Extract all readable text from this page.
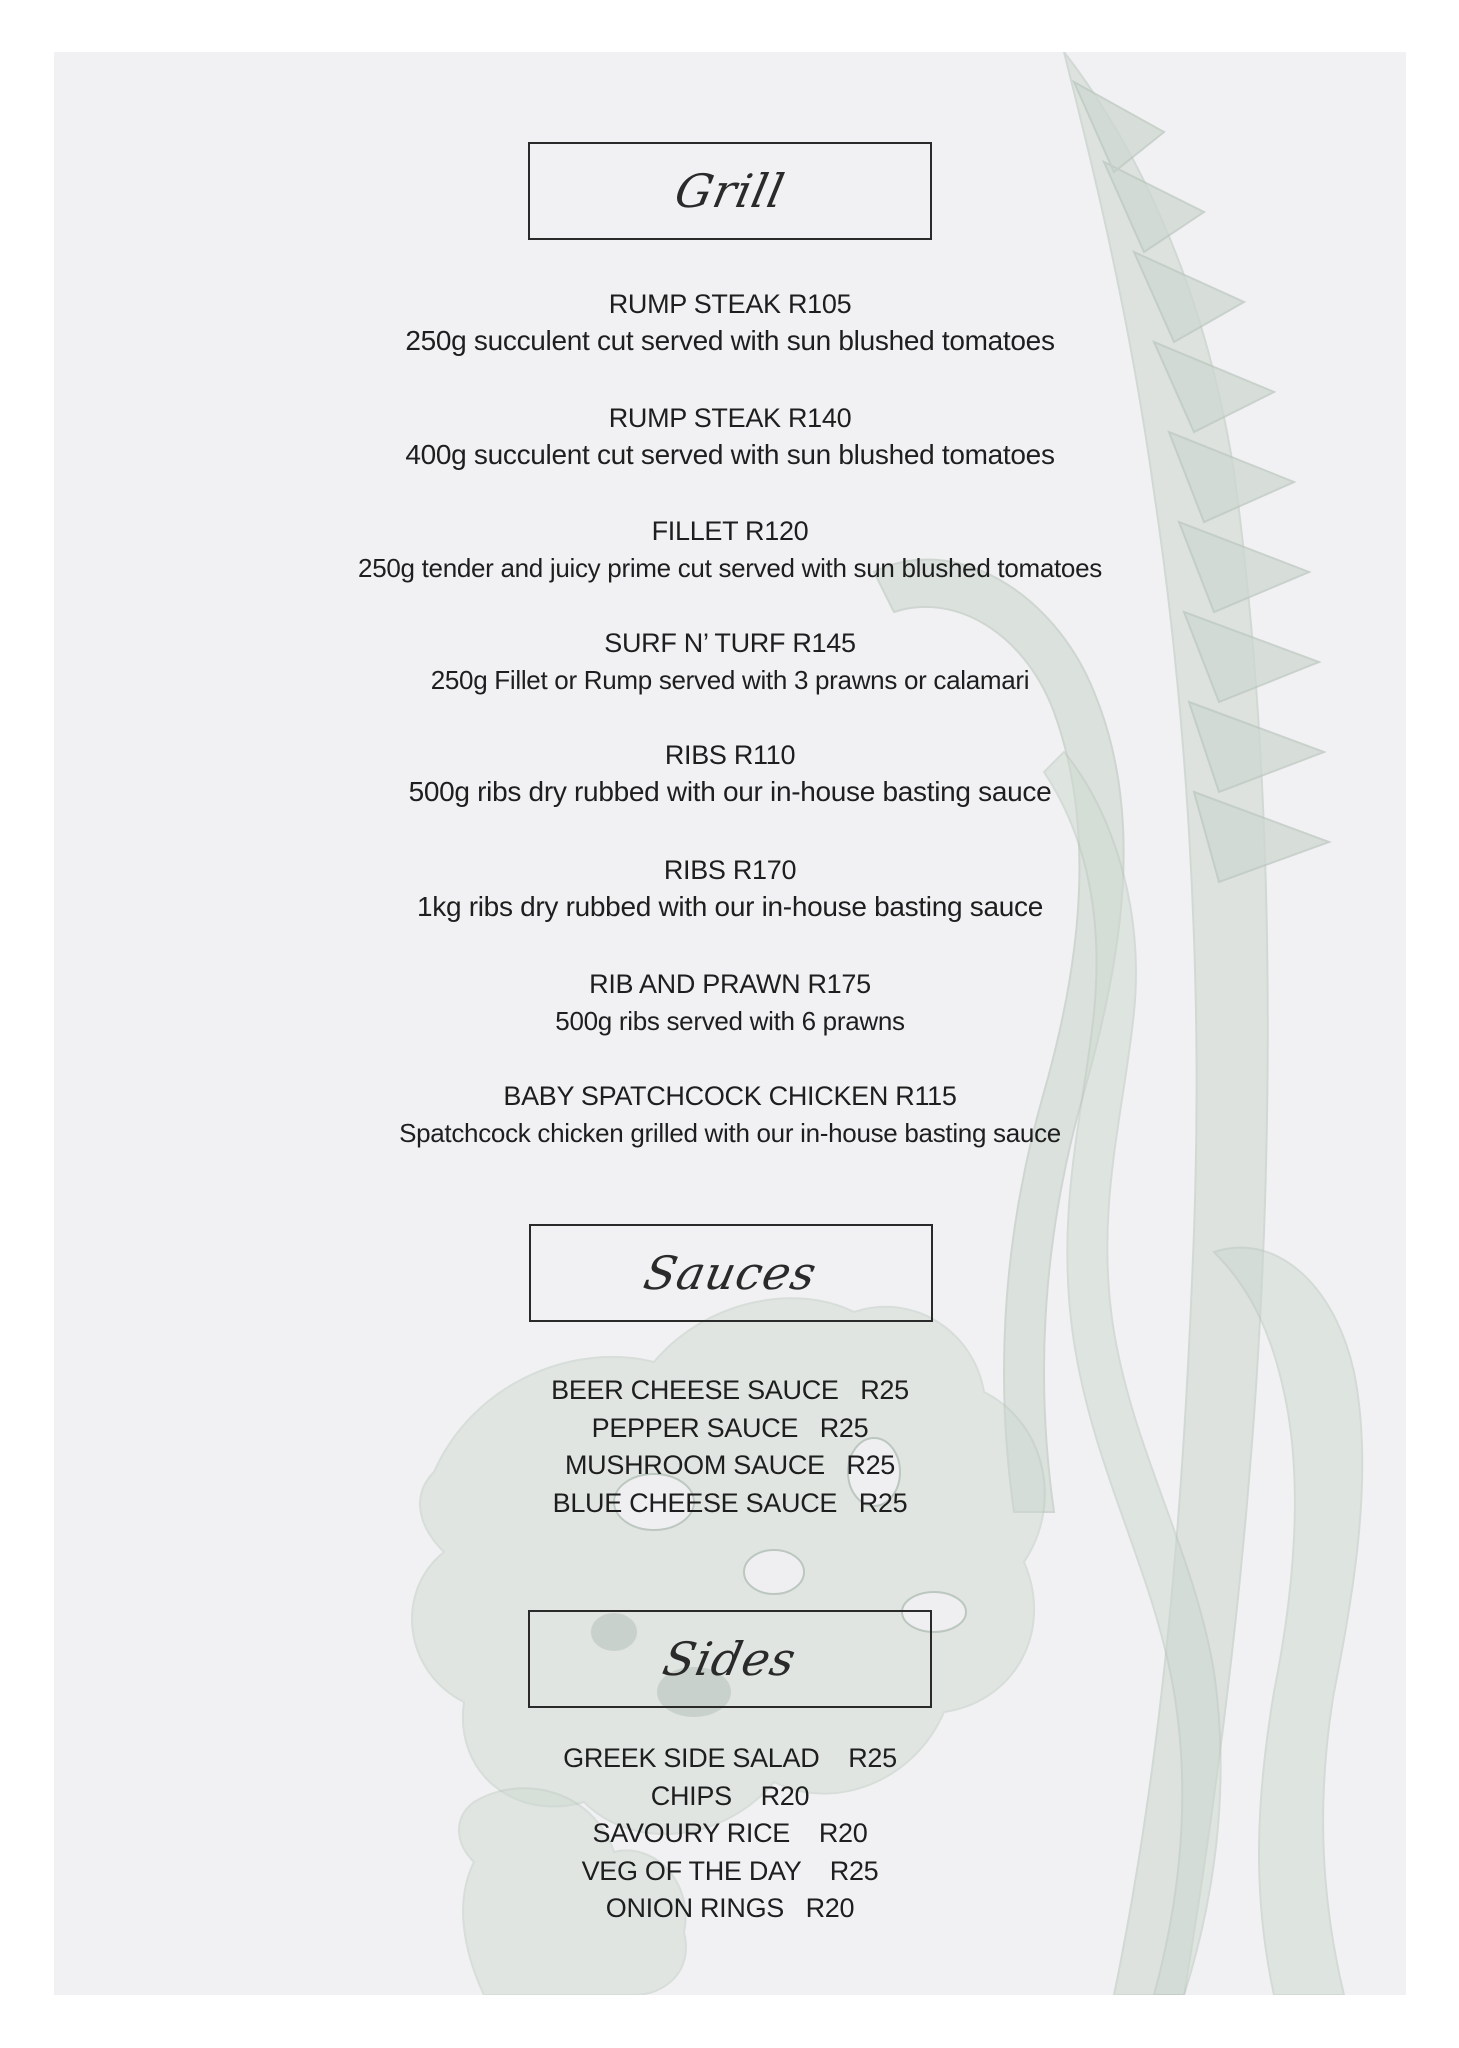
Grill
RUMP STEAK R105
250g succulent cut served with sun blushed tomatoes
RUMP STEAK R140
400g succulent cut served with sun blushed tomatoes
FILLET R120
250g tender and juicy prime cut served with sun blushed tomatoes
SURF N’ TURF R145
250g Fillet or Rump served with 3 prawns or calamari
RIBS R110
500g ribs dry rubbed with our in-house basting sauce
RIBS R170
1kg ribs dry rubbed with our in-house basting sauce
RIB AND PRAWN R175
500g ribs served with 6 prawns
BABY SPATCHCOCK CHICKEN R115
Spatchcock chicken grilled with our in-house basting sauce
Sauces
BEER CHEESE SAUCE   R25
PEPPER SAUCE   R25
MUSHROOM SAUCE   R25
BLUE CHEESE SAUCE   R25
Sides
GREEK SIDE SALAD    R25
CHIPS    R20
SAVOURY RICE    R20
VEG OF THE DAY    R25
ONION RINGS   R20
